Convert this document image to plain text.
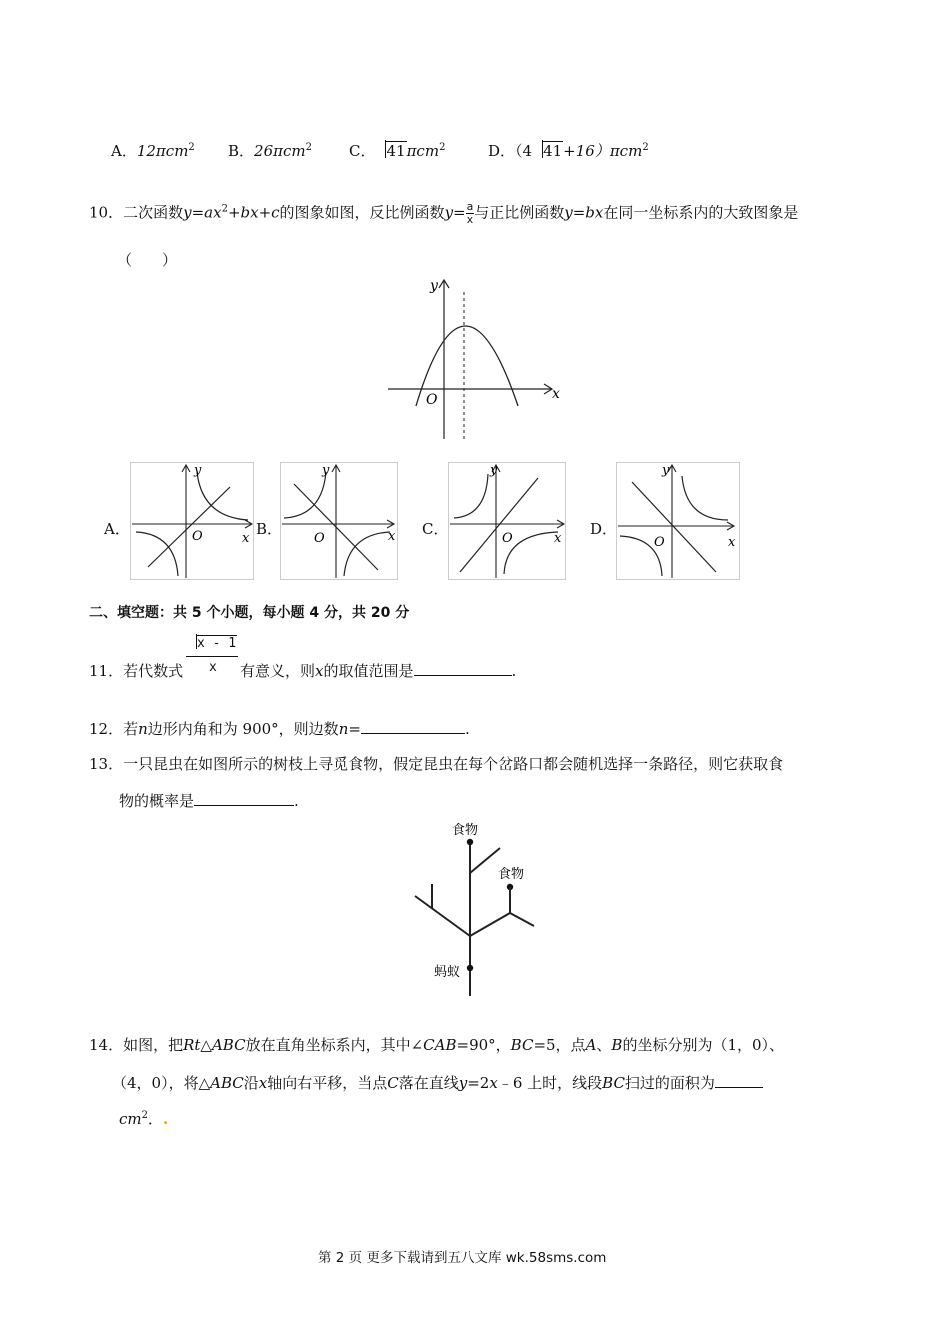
A．12πcm$^2$ B．26πcm$^2$ C． 41πcm$^2$	D．（4 41+16）πcm$^2$
10．二次函数$y=ax^2+bx+c$的图象如图，反比例函数$y= \frac{a}{x}$ 与正比例函数y=bx在同一坐标系内的大致图象是
（　　）
y
x
O
A．	B．	C．	D．
y
x
O
y
x
O
y
x
O
y
x
O
二、填空题：共 5 个小题，每小题 4 分，共 20 分
11．若代数式
x - 1
x 有意义，则x的取值范围是	.
12．若n边形内角和为 900°，则边数n=	.
13．一只昆虫在如图所示的树枝上寻觅食物，假定昆虫在每个岔路口都会随机选择一条路径，则它获取食
物的概率是	.
食物
食物
蚂蚁
14．如图，把Rt△ABC放在直角坐标系内，其中∠CAB=90°，BC=5，点A、B的坐标分别为（1，0）、
（4，0），将△ABC沿x轴向右平移，当点C落在直线y=2x﹣6 上时，线段BC扫过的面积为
$cm^2$．.
第 2 页 更多下载请到五八文库 wk.58sms.com
